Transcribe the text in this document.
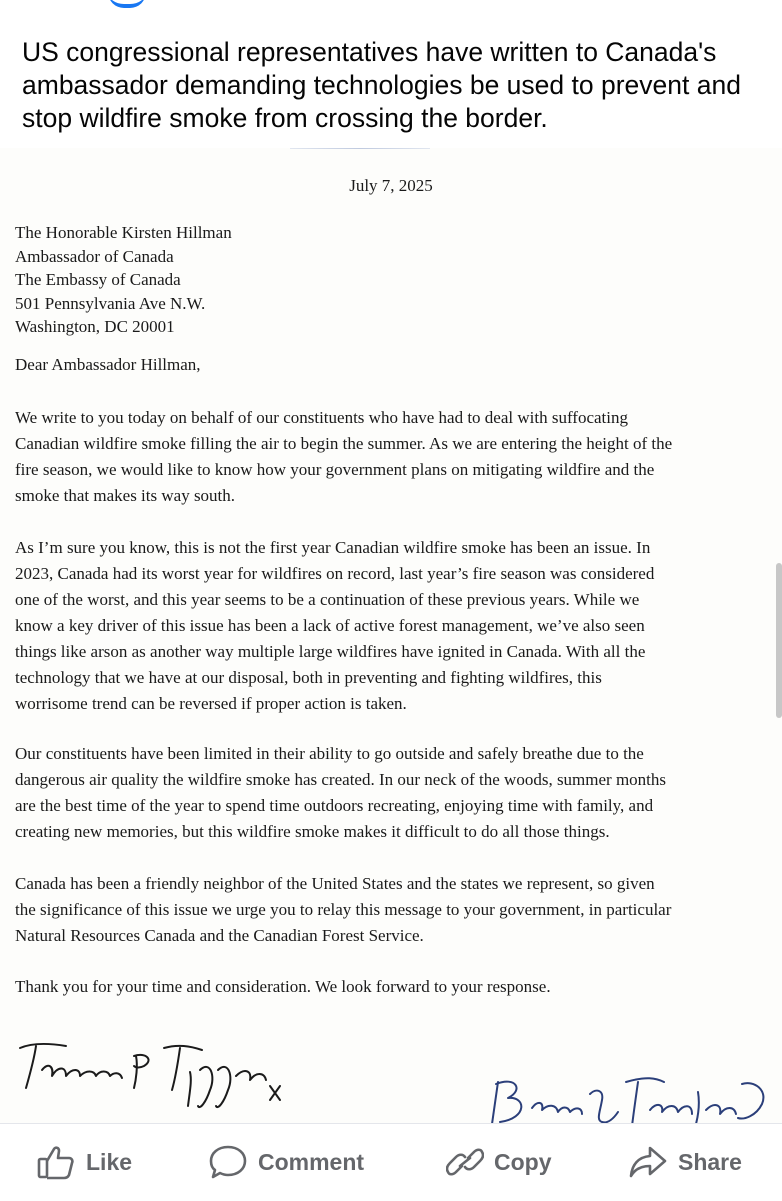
US congressional representatives have written to Canada's ambassador demanding technologies be used to prevent and stop wildfire smoke from crossing the border.
July 7, 2025
The Honorable Kirsten Hillman
Ambassador of Canada
The Embassy of Canada
501 Pennsylvania Ave N.W.
Washington, DC 20001
Dear Ambassador Hillman,
We write to you today on behalf of our constituents who have had to deal with suffocating
Canadian wildfire smoke filling the air to begin the summer. As we are entering the height of the
fire season, we would like to know how your government plans on mitigating wildfire and the
smoke that makes its way south.
As I’m sure you know, this is not the first year Canadian wildfire smoke has been an issue. In
2023, Canada had its worst year for wildfires on record, last year’s fire season was considered
one of the worst, and this year seems to be a continuation of these previous years. While we
know a key driver of this issue has been a lack of active forest management, we’ve also seen
things like arson as another way multiple large wildfires have ignited in Canada. With all the
technology that we have at our disposal, both in preventing and fighting wildfires, this
worrisome trend can be reversed if proper action is taken.
Our constituents have been limited in their ability to go outside and safely breathe due to the
dangerous air quality the wildfire smoke has created. In our neck of the woods, summer months
are the best time of the year to spend time outdoors recreating, enjoying time with family, and
creating new memories, but this wildfire smoke makes it difficult to do all those things.
Canada has been a friendly neighbor of the United States and the states we represent, so given
the significance of this issue we urge you to relay this message to your government, in particular
Natural Resources Canada and the Canadian Forest Service.
Thank you for your time and consideration. We look forward to your response.
Like	Comment	Copy	Share
